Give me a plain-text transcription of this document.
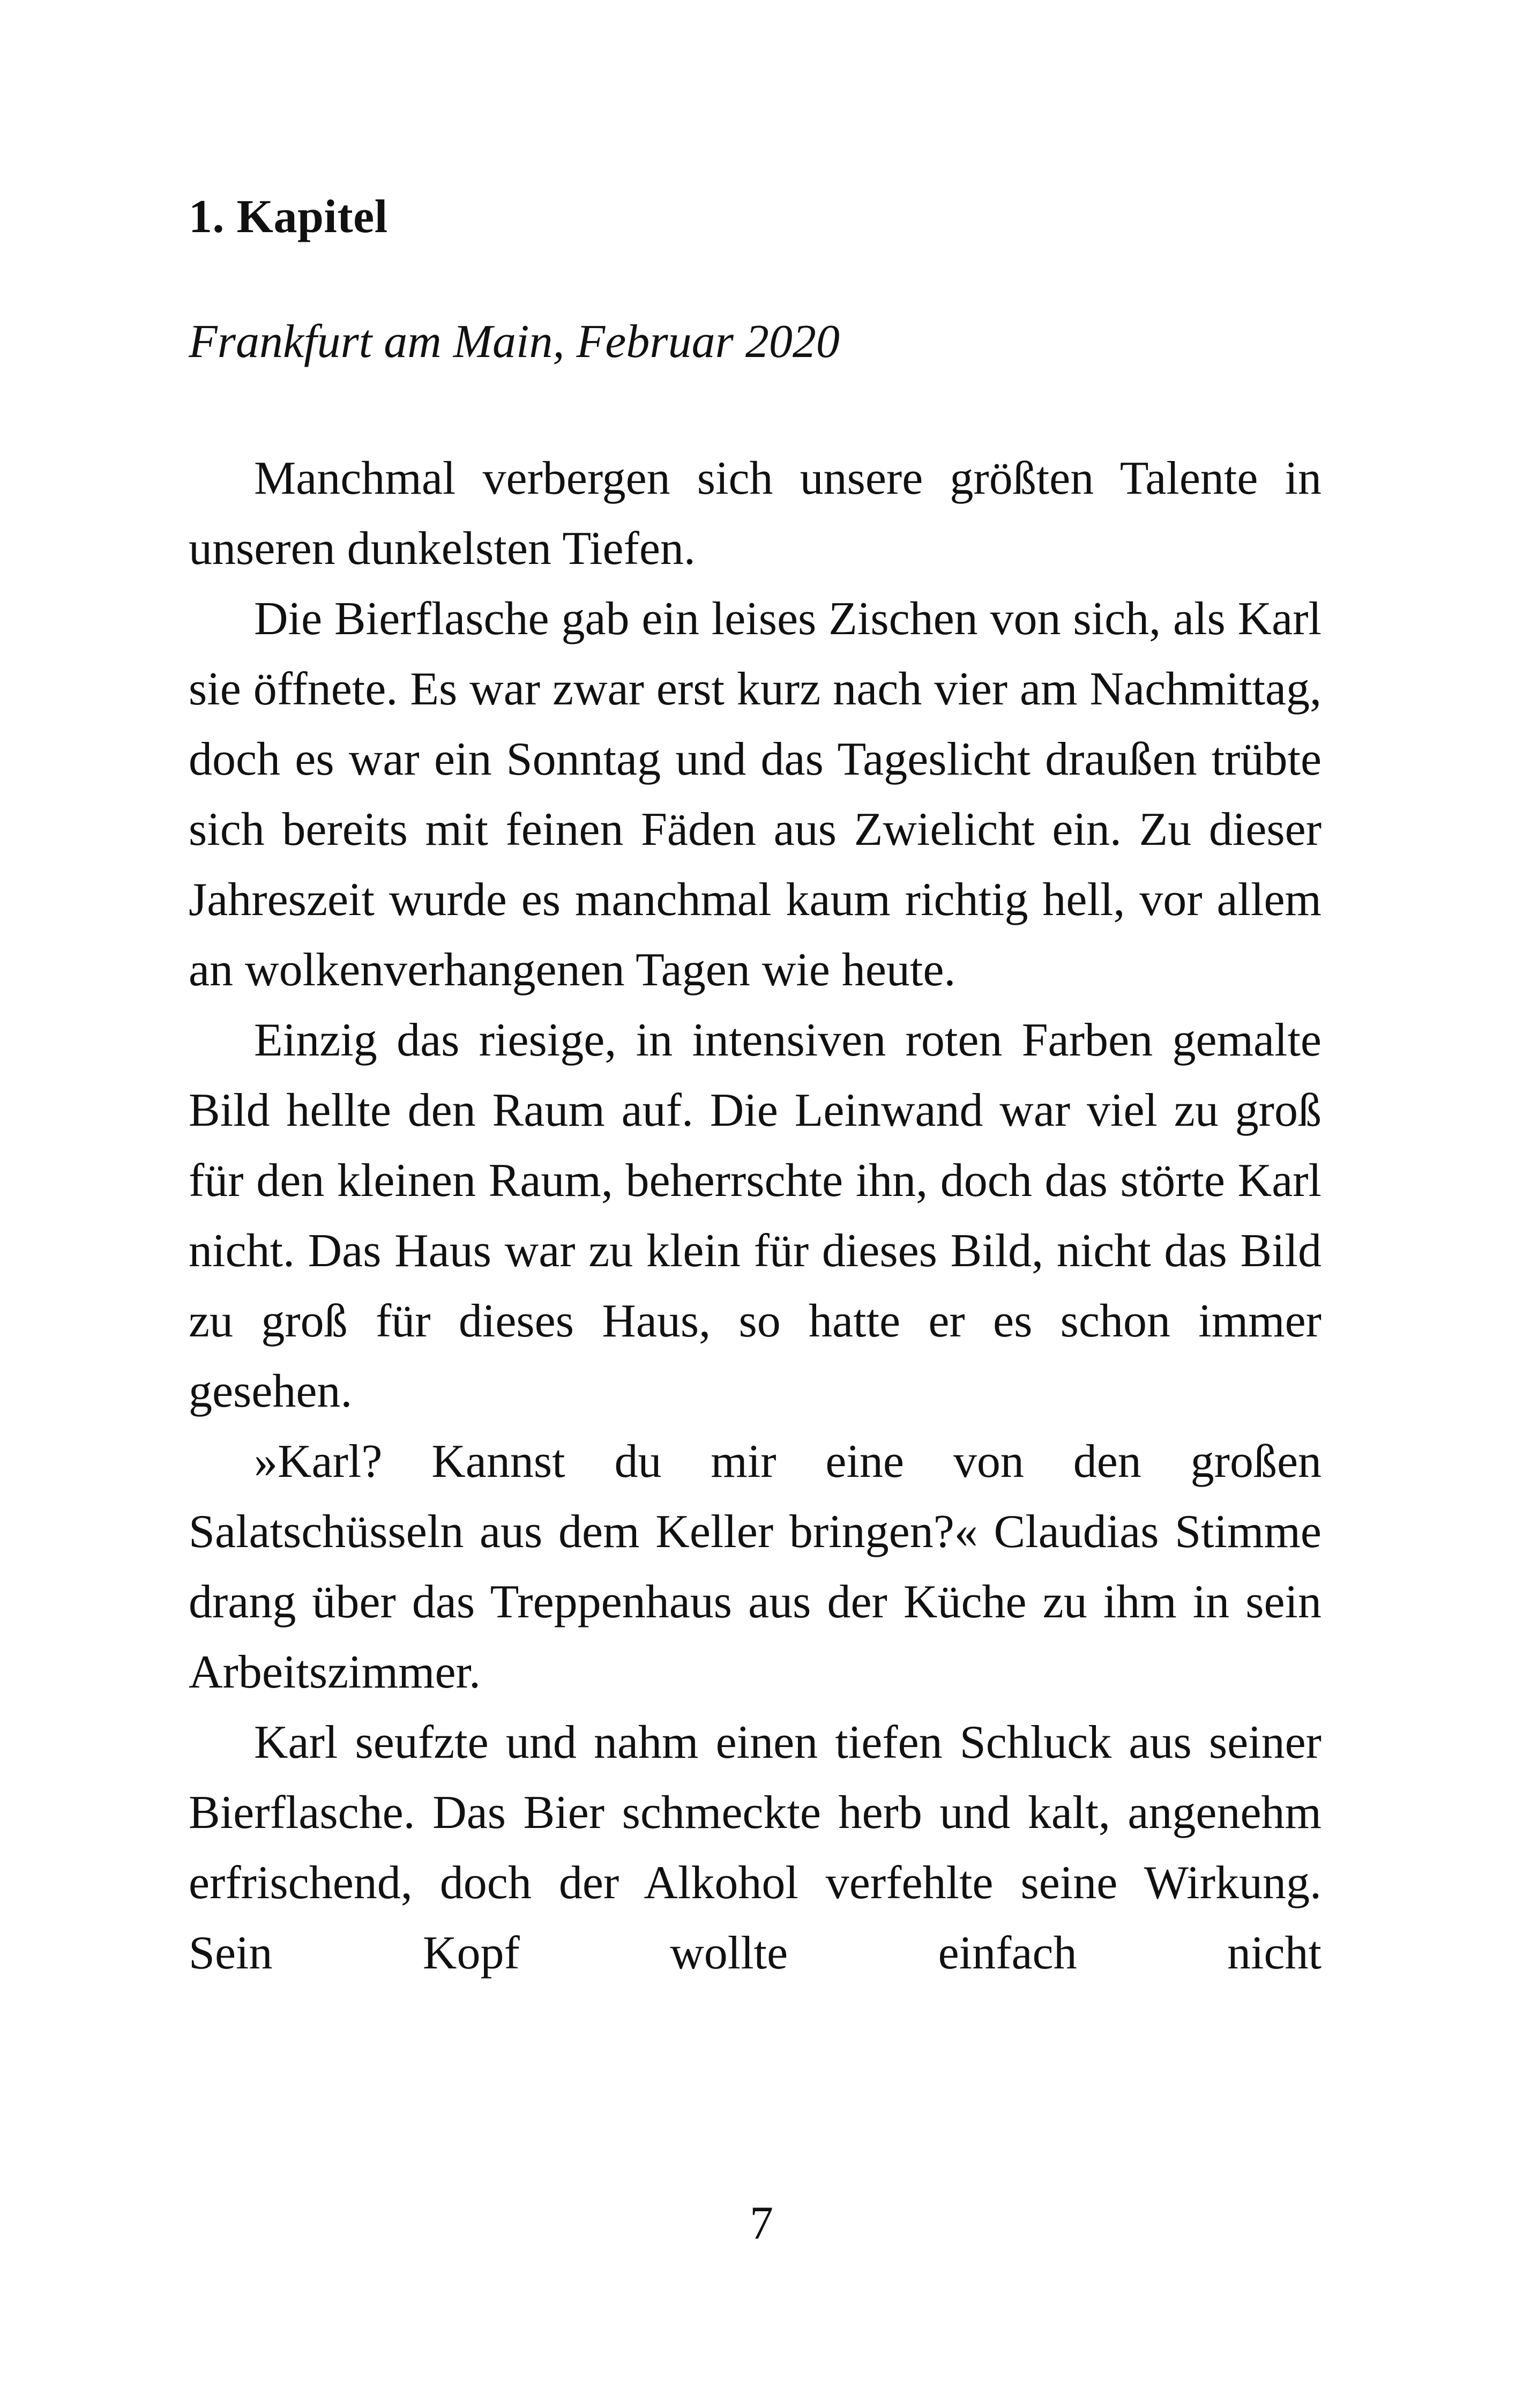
1. Kapitel

Frankfurt am Main, Februar 2020

Manchmal verbergen sich unsere größten Talente in unseren dunkelsten Tiefen.

Die Bierflasche gab ein leises Zischen von sich, als Karl sie öffnete. Es war zwar erst kurz nach vier am Nachmittag, doch es war ein Sonntag und das Tageslicht draußen trübte sich bereits mit feinen Fäden aus Zwielicht ein. Zu dieser Jahreszeit wurde es manchmal kaum richtig hell, vor allem an wolkenverhangenen Tagen wie heute.

Einzig das riesige, in intensiven roten Farben gemalte Bild hellte den Raum auf. Die Leinwand war viel zu groß für den kleinen Raum, beherrschte ihn, doch das störte Karl nicht. Das Haus war zu klein für dieses Bild, nicht das Bild zu groß für dieses Haus, so hatte er es schon immer gesehen.

»Karl? Kannst du mir eine von den großen Salatschüsseln aus dem Keller bringen?« Claudias Stimme drang über das Treppenhaus aus der Küche zu ihm in sein Arbeitszimmer.

Karl seufzte und nahm einen tiefen Schluck aus seiner Bierflasche. Das Bier schmeckte herb und kalt, angenehm erfrischend, doch der Alkohol verfehlte seine Wirkung. Sein Kopf wollte einfach nicht

7
